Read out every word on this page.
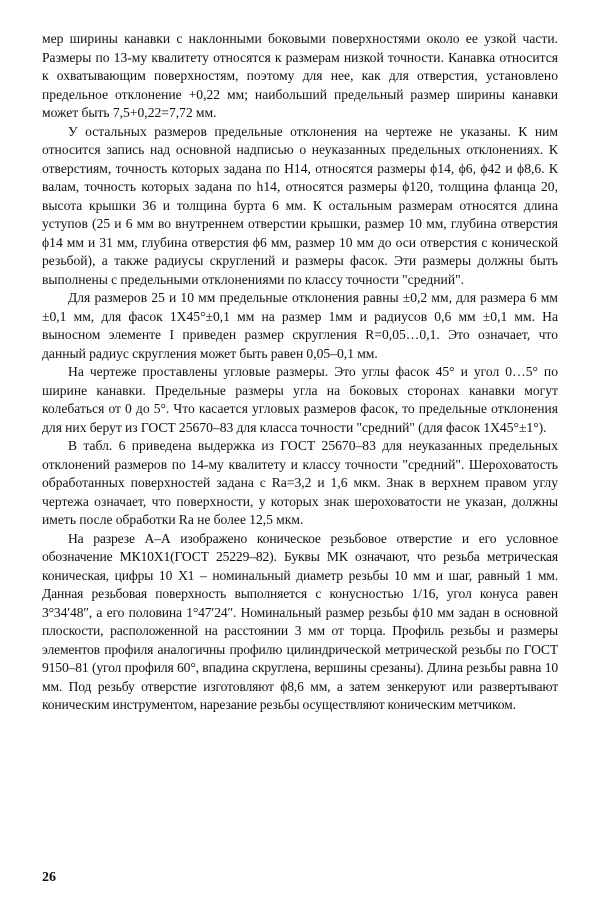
мер ширины канавки с наклонными боковыми поверхностями около ее узкой части. Размеры по 13-му квалитету относятся к размерам низкой точности. Канавка относится к охватывающим поверхностям, поэтому для нее, как для отверстия, установлено предельное отклонение +0,22 мм; наибольший предельный размер ширины канавки может быть 7,5+0,22=7,72 мм.

У остальных размеров предельные отклонения на чертеже не указаны. К ним относится запись над основной надписью о неуказанных предельных отклонениях. К отверстиям, точность которых задана по Н14, относятся размеры ϕ14, ϕ6, ϕ42 и ϕ8,6. К валам, точность которых задана по h14, относятся размеры ϕ120, толщина фланца 20, высота крышки 36 и толщина бурта 6 мм. К остальным размерам относятся длина уступов (25 и 6 мм во внутреннем отверстии крышки, размер 10 мм, глубина отверстия ϕ14 мм и 31 мм, глубина отверстия ϕ6 мм, размер 10 мм до оси отверстия с конической резьбой), а также радиусы скруглений и размеры фасок. Эти размеры должны быть выполнены с предельными отклонениями по классу точности "средний".

Для размеров 25 и 10 мм предельные отклонения равны ±0,2 мм, для размера 6 мм ±0,1 мм, для фасок 1Х45°±0,1 мм на размер 1мм и радиусов 0,6 мм ±0,1 мм. На выносном элементе I приведен размер скругления R=0,05…0,1. Это означает, что данный радиус скругления может быть равен 0,05–0,1 мм.

На чертеже проставлены угловые размеры. Это углы фасок 45° и угол 0…5° по ширине канавки. Предельные размеры угла на боковых сторонах канавки могут колебаться от 0 до 5°. Что касается угловых размеров фасок, то предельные отклонения для них берут из ГОСТ 25670–83 для класса точности "средний" (для фасок 1Х45°±1°).

В табл. 6 приведена выдержка из ГОСТ 25670–83 для неуказанных предельных отклонений размеров по 14-му квалитету и классу точности "средний". Шероховатость обработанных поверхностей задана с Ra=3,2 и 1,6 мкм. Знак в верхнем правом углу чертежа означает, что поверхности, у которых знак шероховатости не указан, должны иметь после обработки Ra не более 12,5 мкм.

На разрезе А–А изображено коническое резьбовое отверстие и его условное обозначение МК10Х1(ГОСТ 25229–82). Буквы МК означают, что резьба метрическая коническая, цифры 10 Х1 – номинальный диаметр резьбы 10 мм и шаг, равный 1 мм. Данная резьбовая поверхность выполняется с конусностью 1/16, угол конуса равен 3°34′48″, а его половина 1°47′24″. Номинальный размер резьбы ϕ10 мм задан в основной плоскости, расположенной на расстоянии 3 мм от торца. Профиль резьбы и размеры элементов профиля аналогичны профилю цилиндрической метрической резьбы по ГОСТ 9150–81 (угол профиля 60°, впадина скруглена, вершины срезаны). Длина резьбы равна 10 мм. Под резьбу отверстие изготовляют ϕ8,6 мм, а затем зенкеруют или развертывают коническим инструментом, нарезание резьбы осуществляют коническим метчиком.

26
